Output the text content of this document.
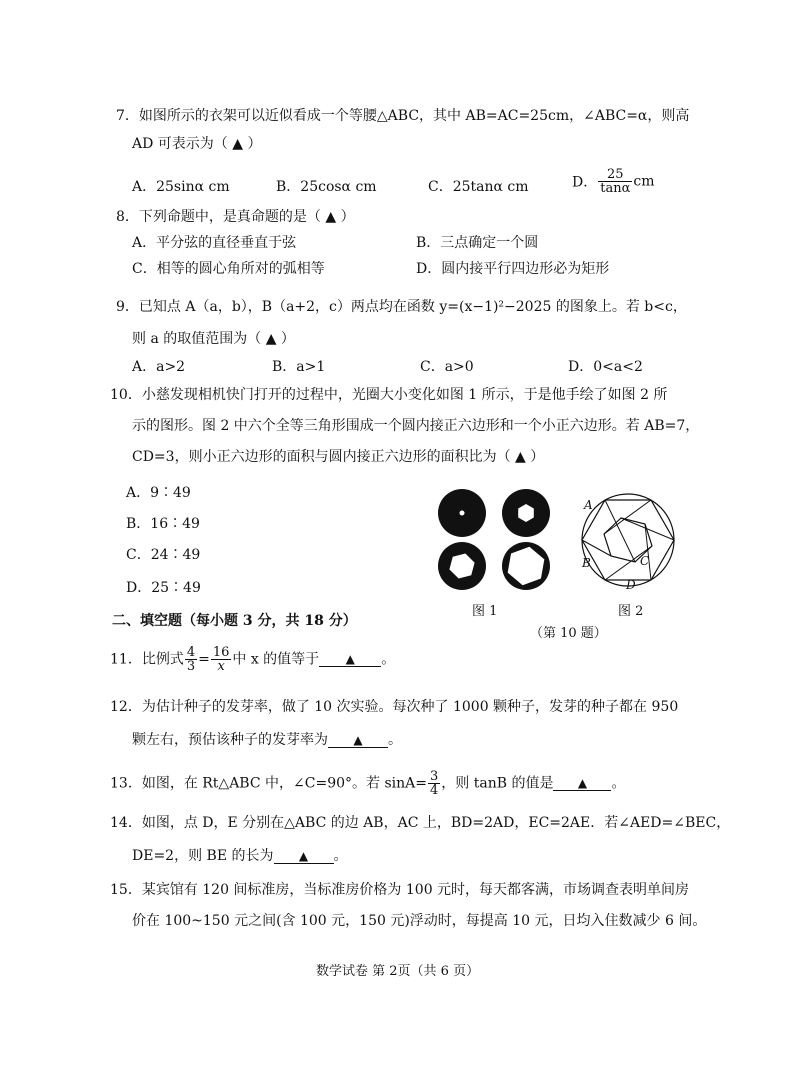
7．如图所示的衣架可以近似看成一个等腰△ABC，其中 AB=AC=25cm，∠ABC=α，则高
AD 可表示为（ ▲ ）
A．25sinα cm	B．25cosα cm	C．25tanα cm	D． $\frac{25}{\tan\alpha}$ cm
8．下列命题中，是真命题的是（ ▲ ）
A．平分弦的直径垂直于弦	B．三点确定一个圆
C．相等的圆心角所对的弧相等	D．圆内接平行四边形必为矩形
9．已知点 A（a，b），B（a+2，c）两点均在函数 y=(x−1)²−2025 的图象上。若 b<c，
则 a 的取值范围为（ ▲ ）
A．a>2	B．a>1	C．a>0	D．0<a<2
10．小慈发现相机快门打开的过程中，光圈大小变化如图 1 所示，于是他手绘了如图 2 所
示的图形。图 2 中六个全等三角形围成一个圆内接正六边形和一个小正六边形。若 AB=7，
CD=3，则小正六边形的面积与圆内接正六边形的面积比为（ ▲ ）
A．9∶49
B．16∶49
C．24∶49
D．25∶49
A
B	C
D
图 1	图 2
（第 10 题）
二、填空题（每小题 3 分，共 18 分）
11．比例式 $\frac{4}{3} = \frac{16}{x}$ 中 x 的值等于 ▲ 。
12．为估计种子的发芽率，做了 10 次实验。每次种了 1000 颗种子，发芽的种子都在 950
颗左右，预估该种子的发芽率为 ▲ 。
13．如图，在 Rt△ABC 中，∠C=90°。若 $\sin A= \frac{3}{4}$ ，则 tanB 的值是 ▲ 。
14．如图，点 D，E 分别在△ABC 的边 AB，AC 上，BD=2AD，EC=2AE．若∠AED=∠BEC，
DE=2，则 BE 的长为 ▲ 。
15．某宾馆有 120 间标准房，当标准房价格为 100 元时，每天都客满，市场调查表明单间房
价在 100~150 元之间(含 100 元，150 元)浮动时，每提高 10 元，日均入住数减少 6 间。
数学试卷 第 2页（共 6 页）
